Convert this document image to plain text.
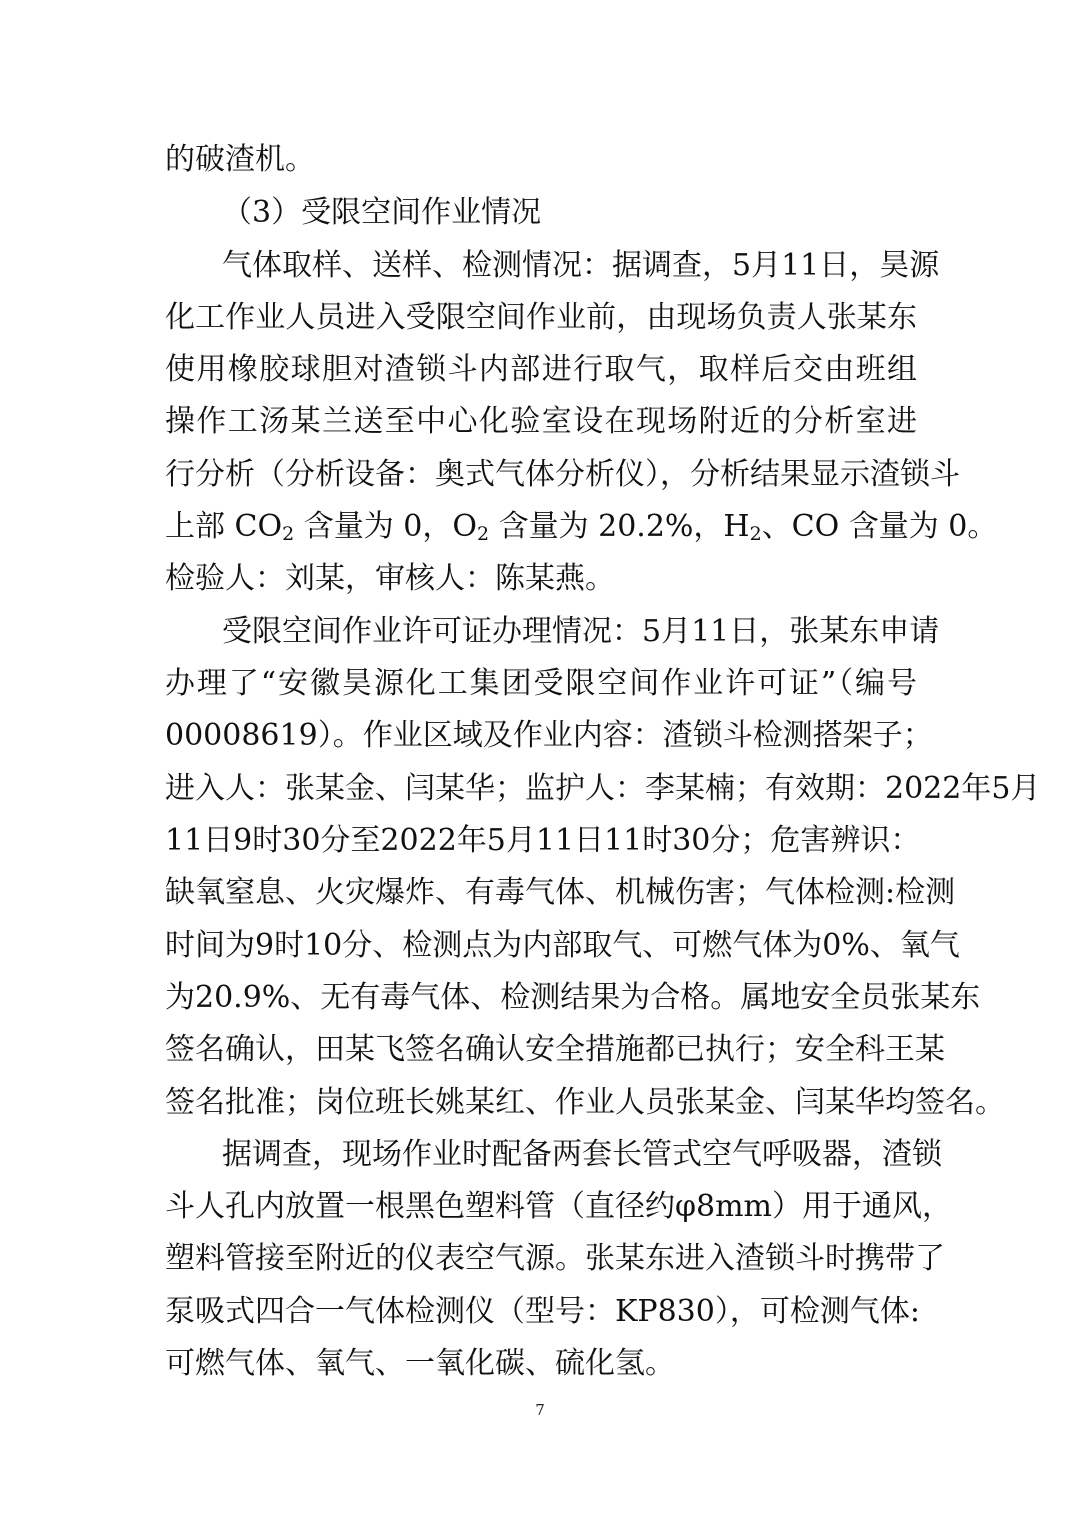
的破渣机。
（3）受限空间作业情况
气体取样、送样、检测情况：据调查，5月11日，昊源
化工作业人员进入受限空间作业前，由现场负责人张某东
使用橡胶球胆对渣锁斗内部进行取气，取样后交由班组
操作工汤某兰送至中心化验室设在现场附近的分析室进
行分析（分析设备：奥式气体分析仪），分析结果显示渣锁斗
上部 $CO_2$ 含量为 0，$O_2$ 含量为 20.2%，$H_2$、CO 含量为 0。
检验人：刘某，审核人：陈某燕。
受限空间作业许可证办理情况：5月11日，张某东申请
办理了“安徽昊源化工集团受限空间作业许可证”（编号
00008619）。作业区域及作业内容：渣锁斗检测搭架子；
进入人：张某金、闫某华；监护人：李某楠；有效期：2022年5月
11日9时30分至2022年5月11日11时30分；危害辨识：
缺氧窒息、火灾爆炸、有毒气体、机械伤害；气体检测:检测
时间为9时10分、检测点为内部取气、可燃气体为0%、氧气
为20.9%、无有毒气体、检测结果为合格。属地安全员张某东
签名确认，田某飞签名确认安全措施都已执行；安全科王某
签名批准；岗位班长姚某红、作业人员张某金、闫某华均签名。
据调查，现场作业时配备两套长管式空气呼吸器，渣锁
斗人孔内放置一根黑色塑料管（直径约φ8mm）用于通风，
塑料管接至附近的仪表空气源。张某东进入渣锁斗时携带了
泵吸式四合一气体检测仪（型号：KP830），可检测气体:
可燃气体、氧气、一氧化碳、硫化氢。
7
